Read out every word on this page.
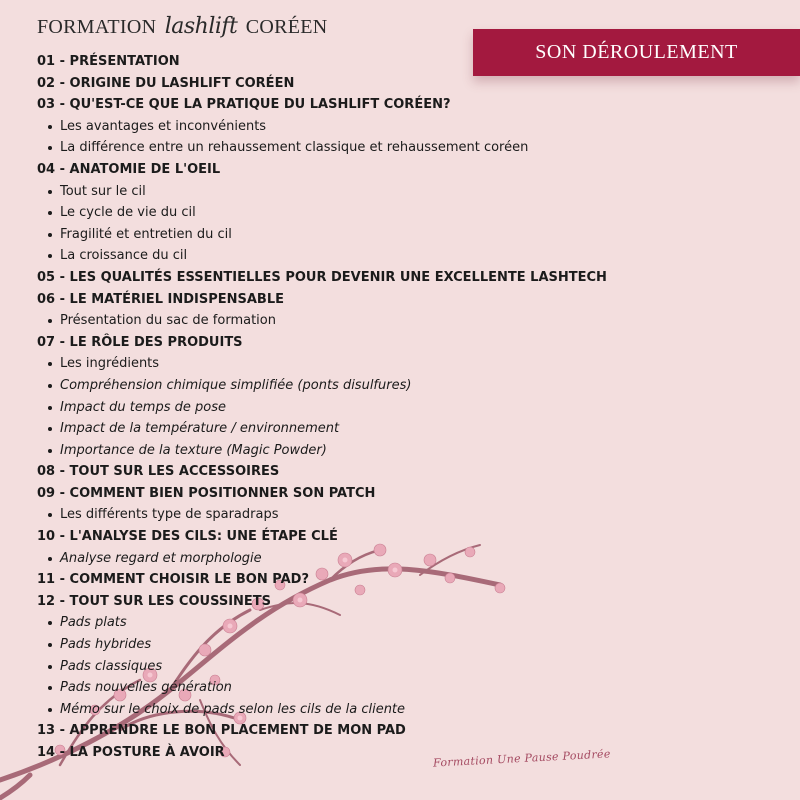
FORMATION lashlift CORÉEN
SON DÉROULEMENT
01 - PRÉSENTATION
02 - ORIGINE DU LASHLIFT CORÉEN
03 - QU'EST-CE QUE LA PRATIQUE DU LASHLIFT CORÉEN?
Les avantages et inconvénients
La différence entre un rehaussement classique et rehaussement coréen
04 - ANATOMIE DE L'OEIL
Tout sur le cil
Le cycle de vie du cil
Fragilité et entretien du cil
La croissance du cil
05 - LES QUALITÉS ESSENTIELLES POUR DEVENIR UNE EXCELLENTE LASHTECH
06 - LE MATÉRIEL INDISPENSABLE
Présentation du sac de formation
07 - LE RÔLE DES PRODUITS
Les ingrédients
Compréhension chimique simplifiée (ponts disulfures)
Impact du temps de pose
Impact de la température / environnement
Importance de la texture (Magic Powder)
08 - TOUT SUR LES ACCESSOIRES
09 - COMMENT BIEN POSITIONNER SON PATCH
Les différents type de sparadraps
10 - L'ANALYSE DES CILS: UNE ÉTAPE CLÉ
Analyse regard et morphologie
11 - COMMENT CHOISIR LE BON PAD?
12 - TOUT SUR LES COUSSINETS
Pads plats
Pads hybrides
Pads classiques
Pads nouvelles génération
Mémo sur le choix de pads selon les cils de la cliente
13 - APPRENDRE LE BON PLACEMENT DE MON PAD
14 - LA POSTURE À AVOIR	Formation Une Pause Poudrée
